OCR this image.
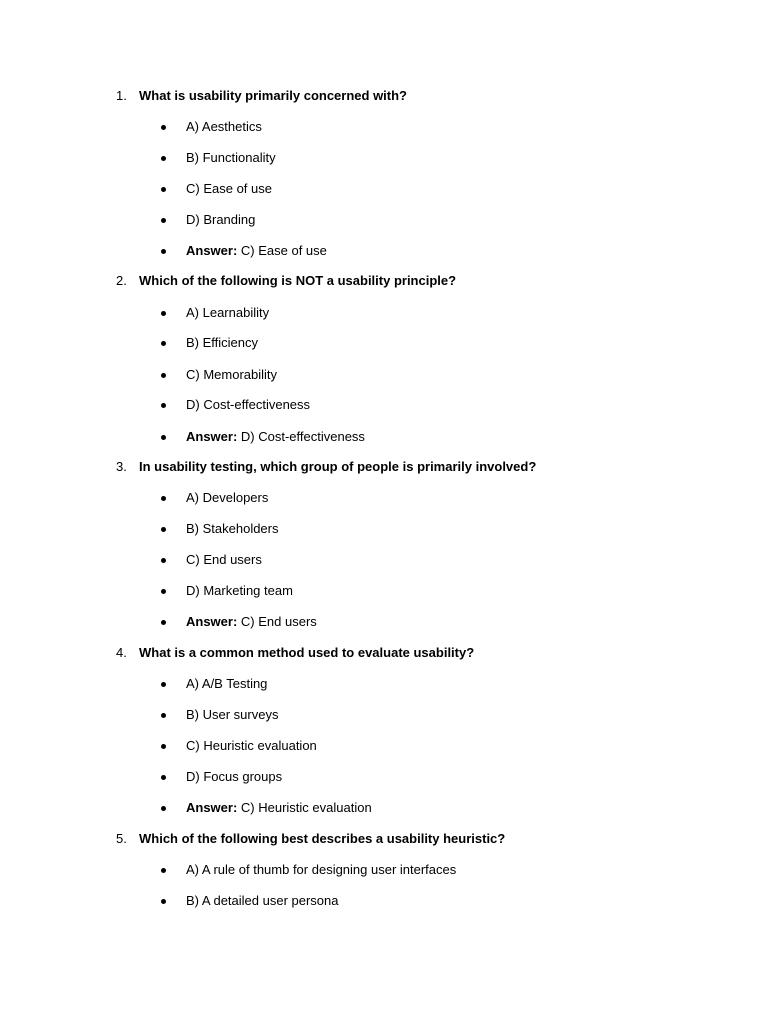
1. What is usability primarily concerned with?
A) Aesthetics
B) Functionality
C) Ease of use
D) Branding
Answer: C) Ease of use
2. Which of the following is NOT a usability principle?
A) Learnability
B) Efficiency
C) Memorability
D) Cost-effectiveness
Answer: D) Cost-effectiveness
3. In usability testing, which group of people is primarily involved?
A) Developers
B) Stakeholders
C) End users
D) Marketing team
Answer: C) End users
4. What is a common method used to evaluate usability?
A) A/B Testing
B) User surveys
C) Heuristic evaluation
D) Focus groups
Answer: C) Heuristic evaluation
5. Which of the following best describes a usability heuristic?
A) A rule of thumb for designing user interfaces
B) A detailed user persona
